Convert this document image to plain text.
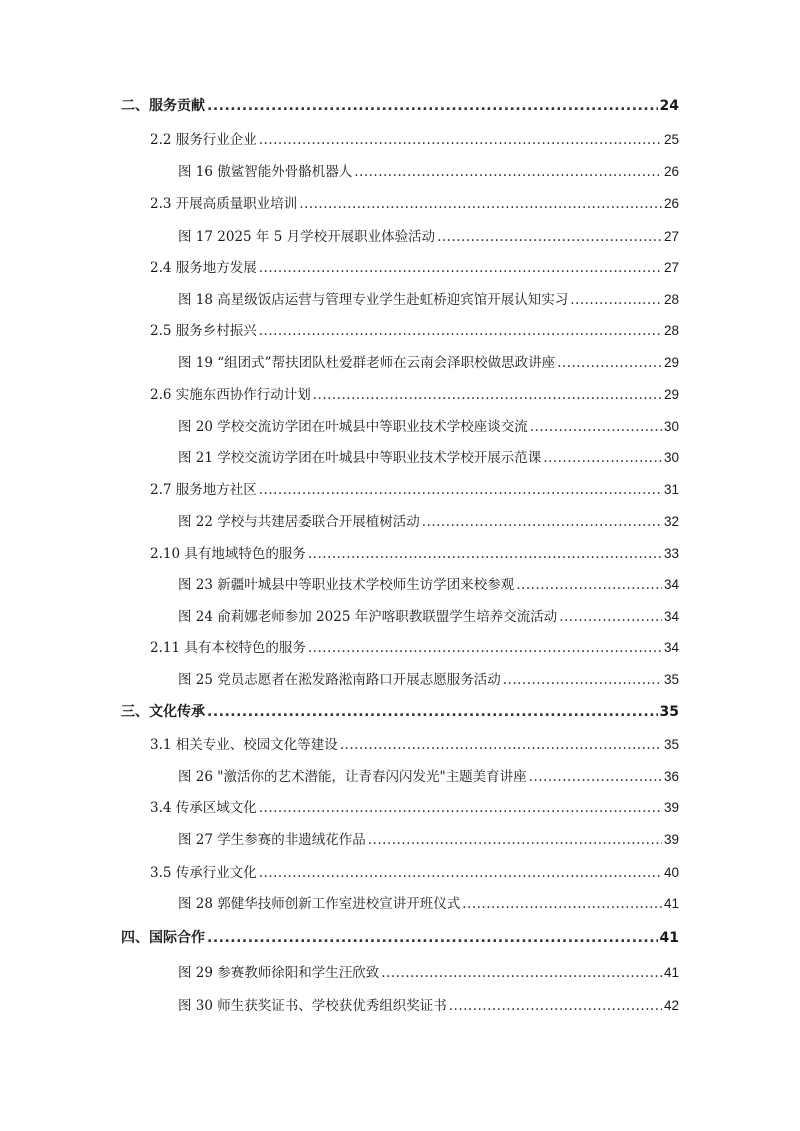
二、服务贡献 .....	24
2.2 服务行业企业 .....	25
图 16 傲鲨智能外骨骼机器人 .....	26
2.3 开展高质量职业培训 .....	26
图 17 2025 年 5 月学校开展职业体验活动 .....	27
2.4 服务地方发展 .....	27
图 18 高星级饭店运营与管理专业学生赴虹桥迎宾馆开展认知实习 .....	28
2.5 服务乡村振兴 .....	28
图 19 “组团式”帮扶团队杜爱群老师在云南会泽职校做思政讲座 .....	29
2.6 实施东西协作行动计划 .....	29
图 20 学校交流访学团在叶城县中等职业技术学校座谈交流 .....	30
图 21 学校交流访学团在叶城县中等职业技术学校开展示范课 .....	30
2.7 服务地方社区 .....	31
图 22 学校与共建居委联合开展植树活动 .....	32
2.10 具有地域特色的服务 .....	33
图 23 新疆叶城县中等职业技术学校师生访学团来校参观 .....	34
图 24 俞莉娜老师参加 2025 年沪喀职教联盟学生培养交流活动 .....	34
2.11 具有本校特色的服务 .....	34
图 25 党员志愿者在淞发路淞南路口开展志愿服务活动 .....	35
三、文化传承 .....	35
3.1 相关专业、校园文化等建设 .....	35
图 26 "激活你的艺术潜能，让青春闪闪发光"主题美育讲座 .....	36
3.4 传承区域文化 .....	39
图 27 学生参赛的非遗绒花作品 .....	39
3.5 传承行业文化 .....	40
图 28 郭健华技师创新工作室进校宣讲开班仪式 .....	41
四、国际合作 .....	41
图 29 参赛教师徐阳和学生汪欣致 .....	41
图 30 师生获奖证书、学校获优秀组织奖证书 .....	42
